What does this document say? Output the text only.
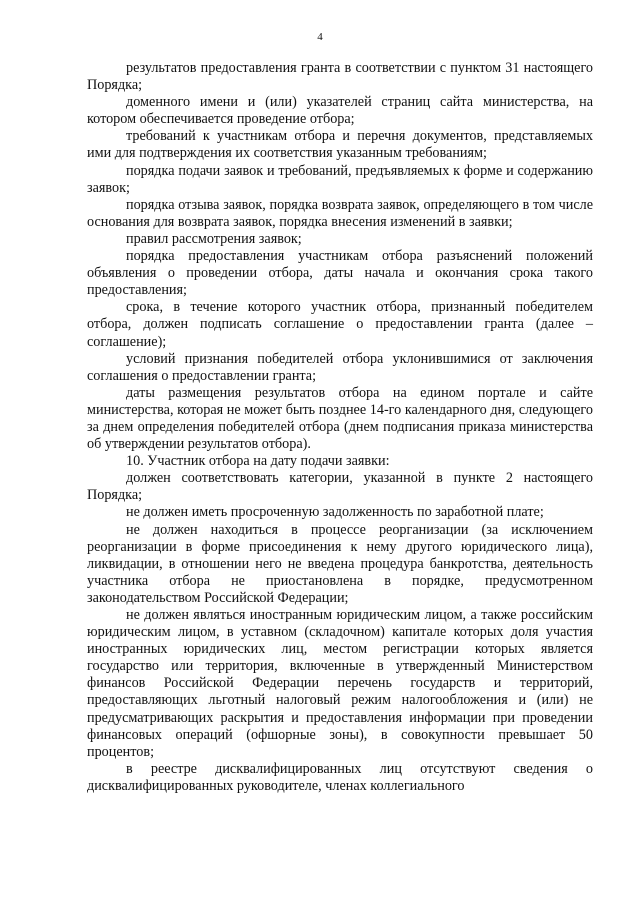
4

результатов предоставления гранта в соответствии с пунктом 31 настоящего Порядка;

доменного имени и (или) указателей страниц сайта министерства, на котором обеспечивается проведение отбора;

требований к участникам отбора и перечня документов, представляемых ими для подтверждения их соответствия указанным требованиям;

порядка подачи заявок и требований, предъявляемых к форме и содержанию заявок;

порядка отзыва заявок, порядка возврата заявок, определяющего в том числе основания для возврата заявок, порядка внесения изменений в заявки;

правил рассмотрения заявок;

порядка предоставления участникам отбора разъяснений положений объявления о проведении отбора, даты начала и окончания срока такого предоставления;

срока, в течение которого участник отбора, признанный победителем отбора, должен подписать соглашение о предоставлении гранта (далее – соглашение);

условий признания победителей отбора уклонившимися от заключения соглашения о предоставлении гранта;

даты размещения результатов отбора на едином портале и сайте министерства, которая не может быть позднее 14-го календарного дня, следующего за днем определения победителей отбора (днем подписания приказа министерства об утверждении результатов отбора).

10. Участник отбора на дату подачи заявки:

должен соответствовать категории, указанной в пункте 2 настоящего Порядка;

не должен иметь просроченную задолженность по заработной плате;

не должен находиться в процессе реорганизации (за исключением реорганизации в форме присоединения к нему другого юридического лица), ликвидации, в отношении него не введена процедура банкротства, деятельность участника отбора не приостановлена в порядке, предусмотренном законодательством Российской Федерации;

не должен являться иностранным юридическим лицом, а также российским юридическим лицом, в уставном (складочном) капитале которых доля участия иностранных юридических лиц, местом регистрации которых является государство или территория, включенные в утвержденный Министерством финансов Российской Федерации перечень государств и территорий, предоставляющих льготный налоговый режим налогообложения и (или) не предусматривающих раскрытия и предоставления информации при проведении финансовых операций (офшорные зоны), в совокупности превышает 50 процентов;

в реестре дисквалифицированных лиц отсутствуют сведения о дисквалифицированных руководителе, членах коллегиального
